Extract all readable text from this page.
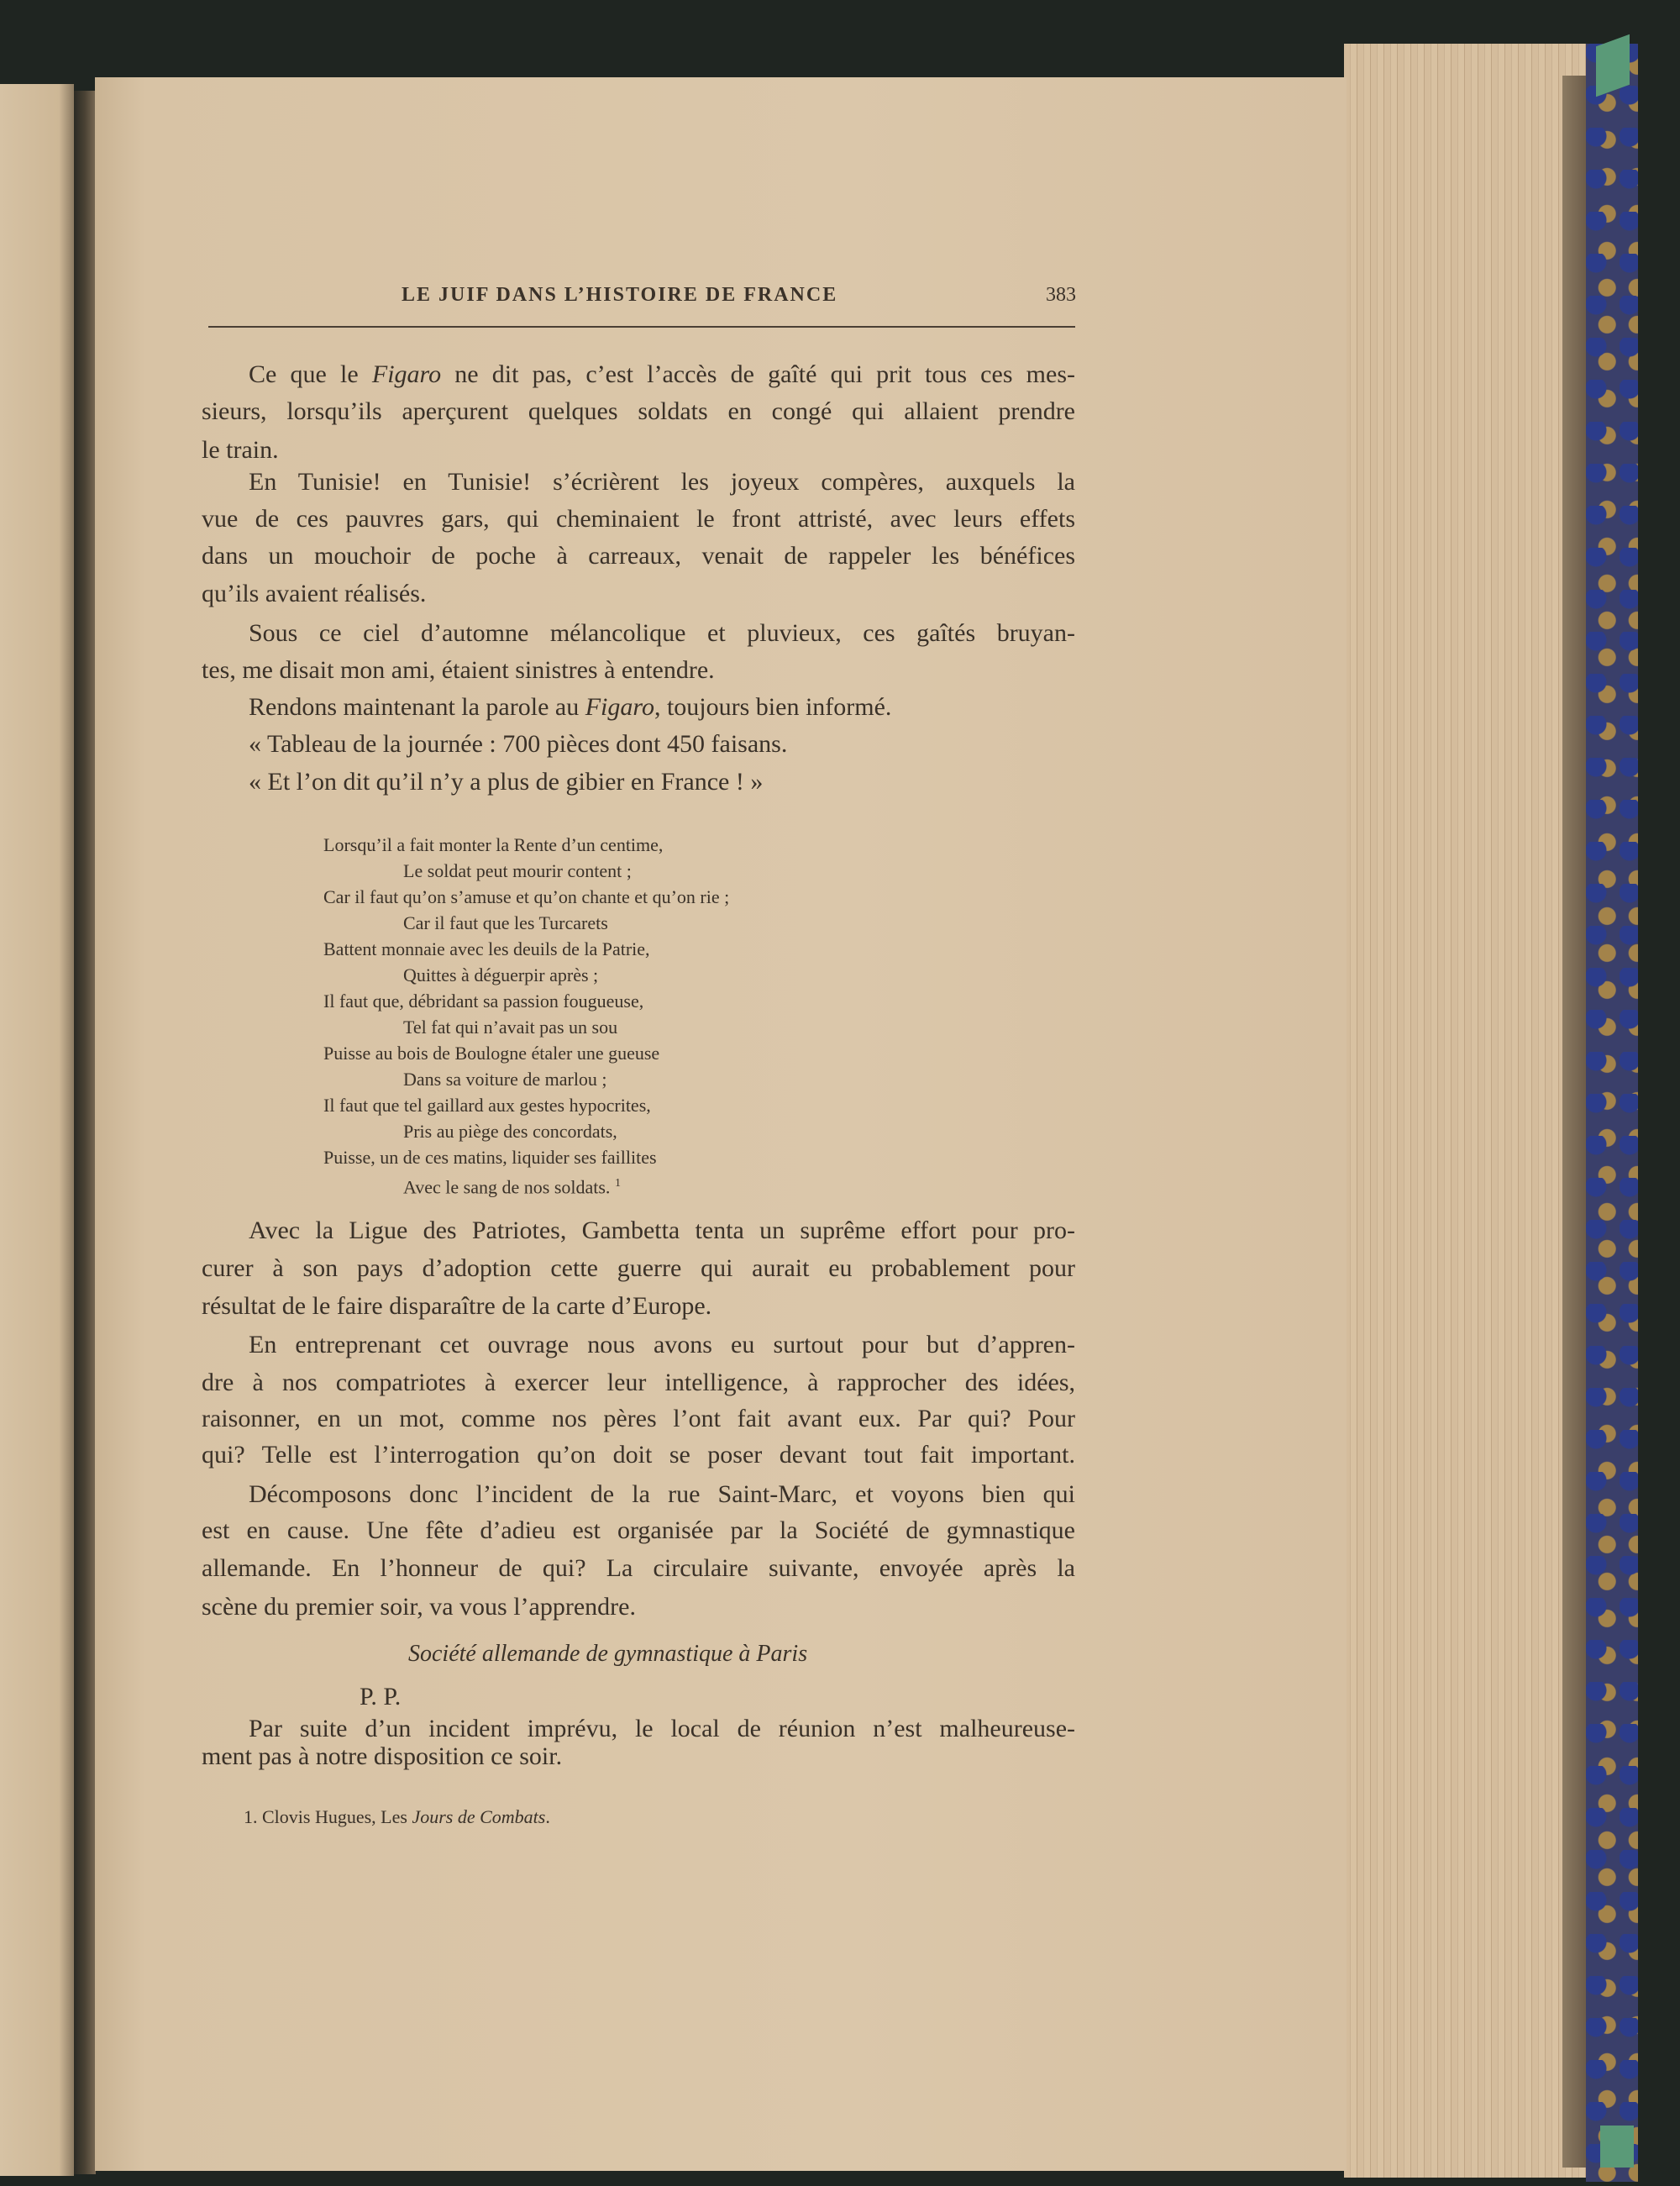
LE JUIF DANS L’HISTOIRE DE FRANCE	383
Ce que le Figaro ne dit pas, c’est l’accès de gaîté qui prit tous ces mes-
sieurs, lorsqu’ils aperçurent quelques soldats en congé qui allaient prendre
le train.
En Tunisie! en Tunisie! s’écrièrent les joyeux compères, auxquels la
vue de ces pauvres gars, qui cheminaient le front attristé, avec leurs effets
dans un mouchoir de poche à carreaux, venait de rappeler les bénéfices
qu’ils avaient réalisés.
Sous ce ciel d’automne mélancolique et pluvieux, ces gaîtés bruyan-
tes, me disait mon ami, étaient sinistres à entendre.
Rendons maintenant la parole au Figaro, toujours bien informé.
« Tableau de la journée : 700 pièces dont 450 faisans.
« Et l’on dit qu’il n’y a plus de gibier en France ! »
Lorsqu’il a fait monter la Rente d’un centime,
Le soldat peut mourir content ;
Car il faut qu’on s’amuse et qu’on chante et qu’on rie ;
Car il faut que les Turcarets
Battent monnaie avec les deuils de la Patrie,
Quittes à déguerpir après ;
Il faut que, débridant sa passion fougueuse,
Tel fat qui n’avait pas un sou
Puisse au bois de Boulogne étaler une gueuse
Dans sa voiture de marlou ;
Il faut que tel gaillard aux gestes hypocrites,
Pris au piège des concordats,
Puisse, un de ces matins, liquider ses faillites
Avec le sang de nos soldats. $^1$
Avec la Ligue des Patriotes, Gambetta tenta un suprême effort pour pro-
curer à son pays d’adoption cette guerre qui aurait eu probablement pour
résultat de le faire disparaître de la carte d’Europe.
En entreprenant cet ouvrage nous avons eu surtout pour but d’appren-
dre à nos compatriotes à exercer leur intelligence, à rapprocher des idées,
raisonner, en un mot, comme nos pères l’ont fait avant eux. Par qui? Pour
qui? Telle est l’interrogation qu’on doit se poser devant tout fait important.
Décomposons donc l’incident de la rue Saint-Marc, et voyons bien qui
est en cause. Une fête d’adieu est organisée par la Société de gymnastique
allemande. En l’honneur de qui? La circulaire suivante, envoyée après la
scène du premier soir, va vous l’apprendre.
Société allemande de gymnastique à Paris
P. P.
Par suite d’un incident imprévu, le local de réunion n’est malheureuse-
ment pas à notre disposition ce soir.
1. Clovis Hugues, Les Jours de Combats.
